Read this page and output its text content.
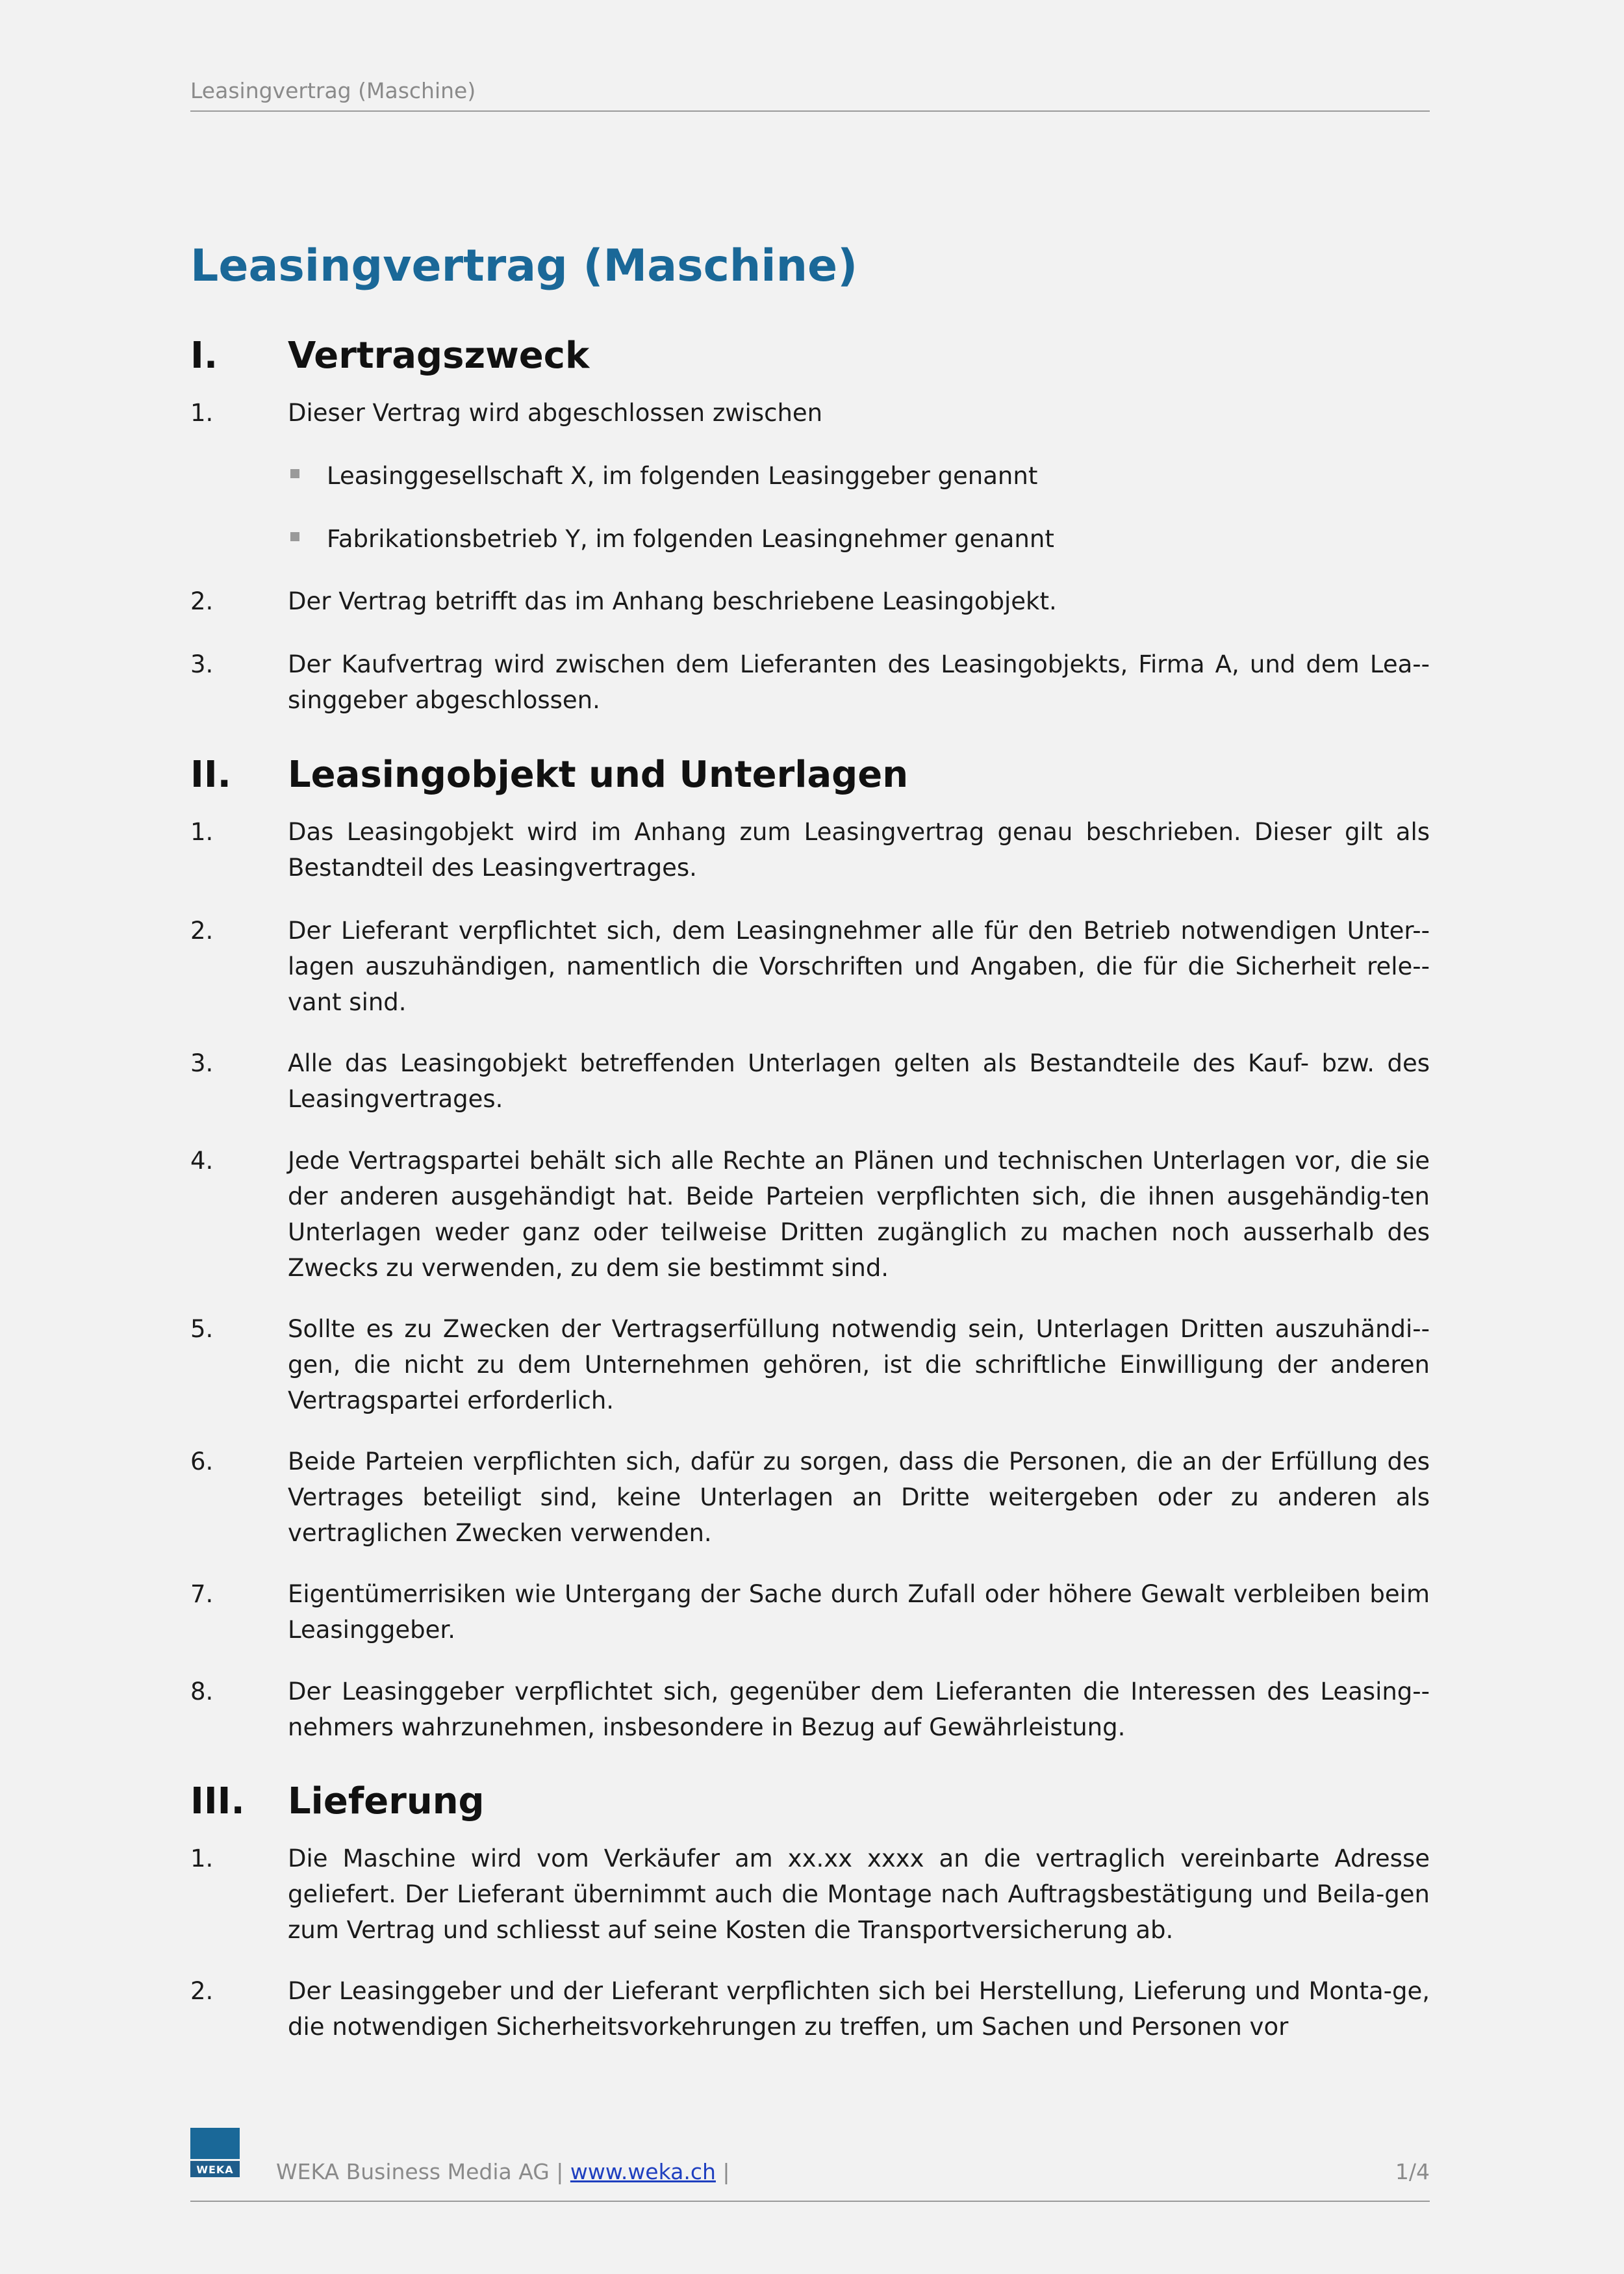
Leasingvertrag (Maschine)
Leasingvertrag (Maschine)
I. Vertragszweck
1.	Dieser Vertrag wird abgeschlossen zwischen
Leasinggesellschaft X, im folgenden Leasinggeber genannt
Fabrikationsbetrieb Y, im folgenden Leasingnehmer genannt
2.	Der Vertrag betrifft das im Anhang beschriebene Leasingobjekt.
3.	Der Kaufvertrag wird zwischen dem Lieferanten des Leasingobjekts, Firma A, und dem Lea-singgeber abgeschlossen.
II. Leasingobjekt und Unterlagen
1.	Das Leasingobjekt wird im Anhang zum Leasingvertrag genau beschrieben. Dieser gilt als Bestandteil des Leasingvertrages.
2.	Der Lieferant verpflichtet sich, dem Leasingnehmer alle für den Betrieb notwendigen Unter-lagen auszuhändigen, namentlich die Vorschriften und Angaben, die für die Sicherheit rele-vant sind.
3.	Alle das Leasingobjekt betreffenden Unterlagen gelten als Bestandteile des Kauf- bzw. des Leasingvertrages.
4.	Jede Vertragspartei behält sich alle Rechte an Plänen und technischen Unterlagen vor, die sie der anderen ausgehändigt hat. Beide Parteien verpflichten sich, die ihnen ausgehändig-ten Unterlagen weder ganz oder teilweise Dritten zugänglich zu machen noch ausserhalb des Zwecks zu verwenden, zu dem sie bestimmt sind.
5.	Sollte es zu Zwecken der Vertragserfüllung notwendig sein, Unterlagen Dritten auszuhändi-gen, die nicht zu dem Unternehmen gehören, ist die schriftliche Einwilligung der anderen Vertragspartei erforderlich.
6.	Beide Parteien verpflichten sich, dafür zu sorgen, dass die Personen, die an der Erfüllung des Vertrages beteiligt sind, keine Unterlagen an Dritte weitergeben oder zu anderen als vertraglichen Zwecken verwenden.
7.	Eigentümerrisiken wie Untergang der Sache durch Zufall oder höhere Gewalt verbleiben beim Leasinggeber.
8.	Der Leasinggeber verpflichtet sich, gegenüber dem Lieferanten die Interessen des Leasing-nehmers wahrzunehmen, insbesondere in Bezug auf Gewährleistung.
III. Lieferung
1.	Die Maschine wird vom Verkäufer am xx.xx xxxx an die vertraglich vereinbarte Adresse geliefert. Der Lieferant übernimmt auch die Montage nach Auftragsbestätigung und Beila-gen zum Vertrag und schliesst auf seine Kosten die Transportversicherung ab.
2.	Der Leasinggeber und der Lieferant verpflichten sich bei Herstellung, Lieferung und Monta-ge, die notwendigen Sicherheitsvorkehrungen zu treffen, um Sachen und Personen vor
WEKA WEKA Business Media AG | www.weka.ch |	1/4
